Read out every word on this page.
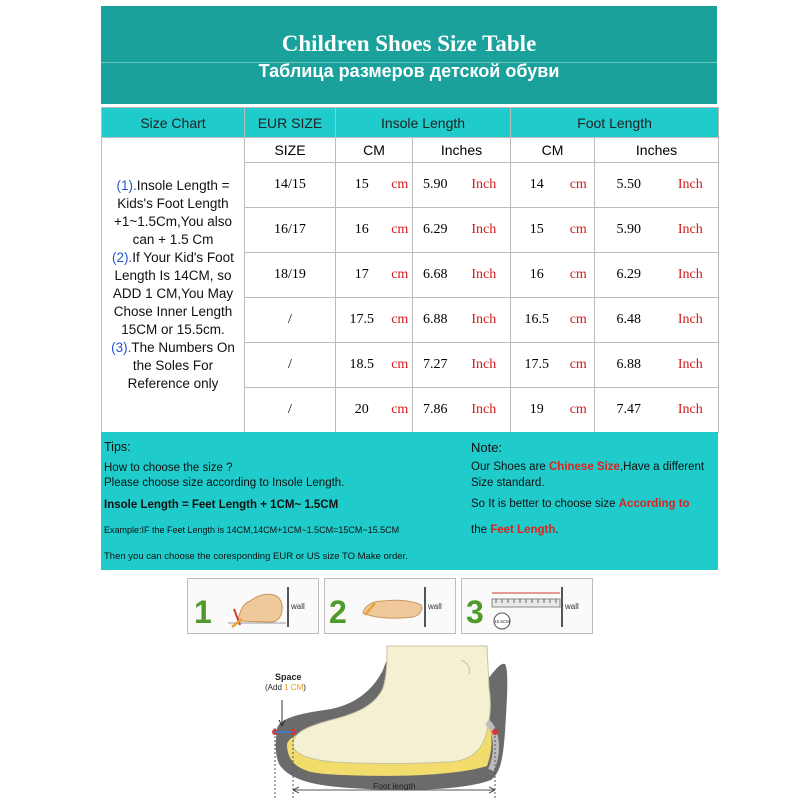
Children Shoes Size Table
Таблица размеров детской обуви
Size Chart	EUR SIZE	Insole Length				Foot Length			
(1).Insole Length = Kids's Foot Length +1~1.5Cm,You also can + 1.5 Cm
(2).If Your Kid's Foot Length Is 14CM, so ADD 1 CM,You May Chose Inner Length 15CM or 15.5cm.
(3).The Numbers On the Soles For Reference only	SIZE	CM		Inches		CM		Inches	
	14/15	15	cm	5.90	Inch	14	cm	5.50	Inch
	16/17	16	cm	6.29	Inch	15	cm	5.90	Inch
	18/19	17	cm	6.68	Inch	16	cm	6.29	Inch
	/	17.5	cm	6.88	Inch	16.5	cm	6.48	Inch
	/	18.5	cm	7.27	Inch	17.5	cm	6.88	Inch
	/	20	cm	7.86	Inch	19	cm	7.47	Inch
Tips:
How to choose the size ?
Please choose size according to Insole Length.
Insole Length = Feet Length + 1CM~ 1.5CM
Example:IF the Feet Length is 14CM,14CM+1CM~1.5CM=15CM~15.5CM
Then you can choose the coresponding EUR or US size TO Make order.
Note:
Our Shoes are Chinese Size,Have a different
Size standard.
So It is better to choose size According to
the Feet Length.
1	wall 2	wall 3 15.5CM
wall
Space
(Add 1 CM)
Foot length
